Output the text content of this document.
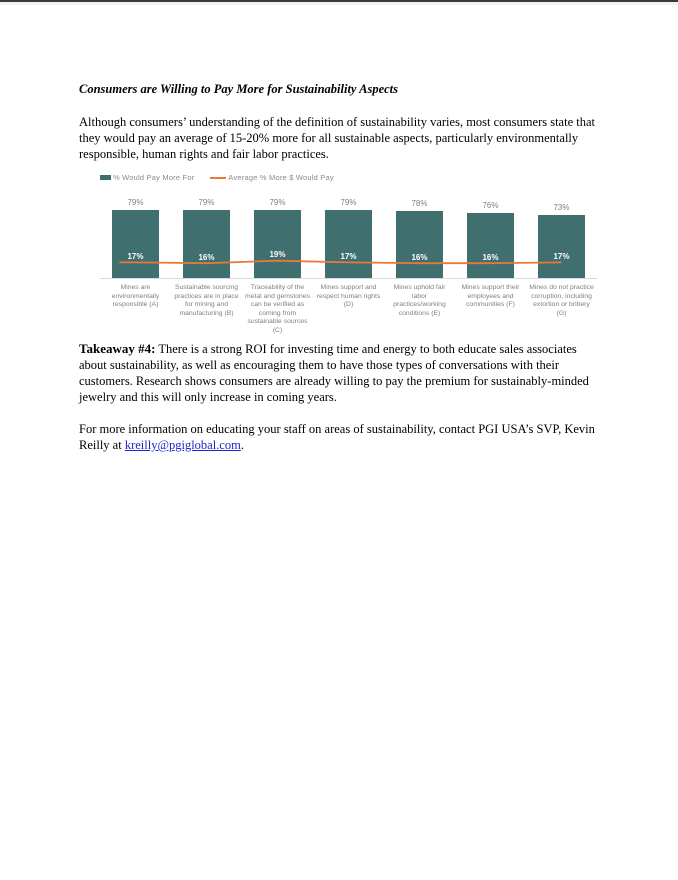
Consumers are Willing to Pay More for Sustainability Aspects

Although consumers’ understanding of the definition of sustainability varies, most consumers state that they would pay an average of 15-20% more for all sustainable aspects, particularly environmentally responsible, human rights and fair labor practices.

% Would Pay More For	Average % More $ Would Pay
79%
17%
79%
16%
79%
19%
79%
17%
78%
16%
76%
16%
73%
17%
Mines are environmentally responsible (A)
Sustainable sourcing practices are in place for mining and manufacturing (B)
Traceability of the metal and gemstones can be verified as coming from sustainable sources (C)
Mines support and respect human rights (D)
Mines uphold fair labor practices/working conditions (E)
Mines support their employees and communities (F)
Mines do not practice corruption, including extortion or bribery (G)

Takeaway #4: There is a strong ROI for investing time and energy to both educate sales associates about sustainability, as well as encouraging them to have those types of conversations with their customers. Research shows consumers are already willing to pay the premium for sustainably-minded jewelry and this will only increase in coming years.

For more information on educating your staff on areas of sustainability, contact PGI USA’s SVP, Kevin Reilly at kreilly@pgiglobal.com.
